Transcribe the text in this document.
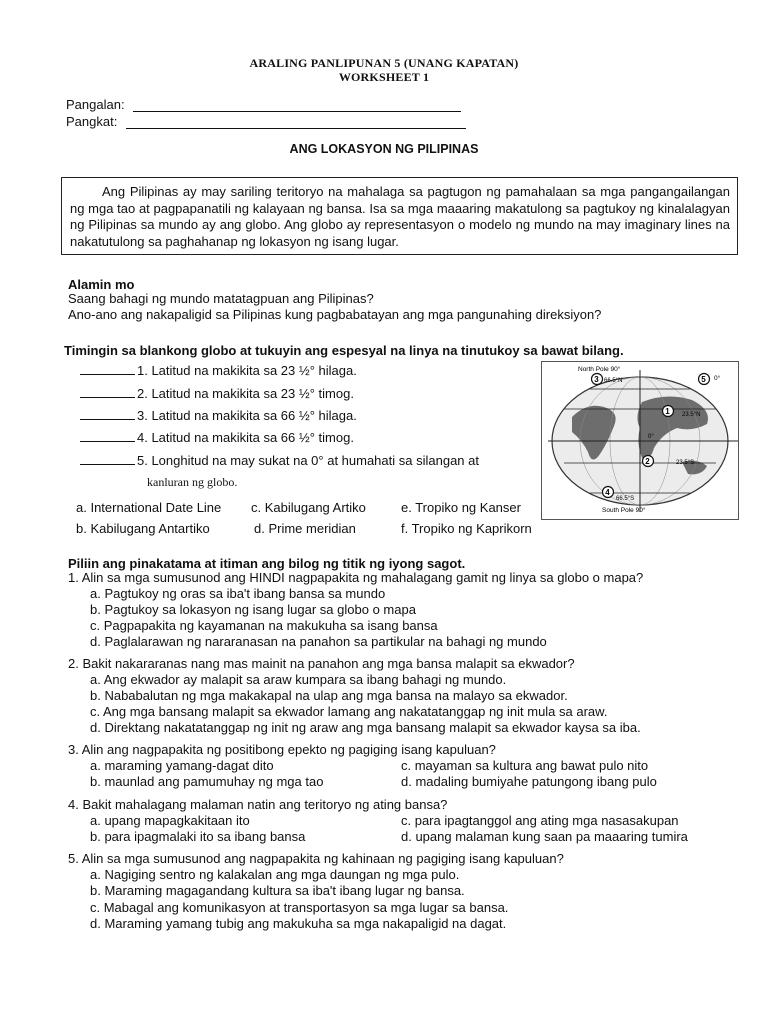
ARALING PANLIPUNAN 5 (UNANG KAPATAN)
WORKSHEET 1
Pangalan:
Pangkat:
ANG LOKASYON NG PILIPINAS

Ang Pilipinas ay may sariling teritoryo na mahalaga sa pagtugon ng pamahalaan sa mga pangangailangan ng mga tao at pagpapanatili ng kalayaan ng bansa. Isa sa mga maaaring makatulong sa pagtukoy ng kinalalagyan ng Pilipinas sa mundo ay ang globo. Ang globo ay representasyon o modelo ng mundo na may imaginary lines na nakatutulong sa paghahanap ng lokasyon ng isang lugar.

Alamin mo
Saang bahagi ng mundo matatagpuan ang Pilipinas?
Ano-ano ang nakapaligid sa Pilipinas kung pagbabatayan ang mga pangunahing direksiyon?
Timingin sa blankong globo at tukuyin ang espesyal na linya na tinutukoy sa bawat bilang.
1. Latitud na makikita sa 23 ½° hilaga.
2. Latitud na makikita sa 23 ½° timog.
3. Latitud na makikita sa 66 ½° hilaga.
4. Latitud na makikita sa 66 ½° timog.
5. Longhitud na may sukat na 0° at humahati sa silangan at
kanluran ng globo.
a. International Date Line c. Kabilugang Artiko	e. Tropiko ng Kanser
b. Kabilugang Antartiko	d. Prime meridian	f. Tropiko ng Kaprikorn
North Pole 90°
South Pole 90°
66.5°N
23.5°N
0°
23.5°S
66.5°S
0°
3	5
1
2
4
Piliin ang pinakatama at itiman ang bilog ng titik ng iyong sagot.
1. Alin sa mga sumusunod ang HINDI nagpapakita ng mahalagang gamit ng linya sa globo o mapa?
a. Pagtukoy ng oras sa iba't ibang bansa sa mundo
b. Pagtukoy sa lokasyon ng isang lugar sa globo o mapa
c. Pagpapakita ng kayamanan na makukuha sa isang bansa
d. Paglalarawan ng nararanasan na panahon sa partikular na bahagi ng mundo
2. Bakit nakararanas nang mas mainit na panahon ang mga bansa malapit sa ekwador?
a. Ang ekwador ay malapit sa araw kumpara sa ibang bahagi ng mundo.
b. Nababalutan ng mga makakapal na ulap ang mga bansa na malayo sa ekwador.
c. Ang mga bansang malapit sa ekwador lamang ang nakatatanggap ng init mula sa araw.
d. Direktang nakatatanggap ng init ng araw ang mga bansang malapit sa ekwador kaysa sa iba.
3. Alin ang nagpapakita ng positibong epekto ng pagiging isang kapuluan?
a. maraming yamang-dagat dito	c. mayaman sa kultura ang bawat pulo nito
b. maunlad ang pamumuhay ng mga tao	d. madaling bumiyahe patungong ibang pulo
4. Bakit mahalagang malaman natin ang teritoryo ng ating bansa?
a. upang mapagkakitaan ito	c. para ipagtanggol ang ating mga nasasakupan
b. para ipagmalaki ito sa ibang bansa	d. upang malaman kung saan pa maaaring tumira
5. Alin sa mga sumusunod ang nagpapakita ng kahinaan ng pagiging isang kapuluan?
a. Nagiging sentro ng kalakalan ang mga daungan ng mga pulo.
b. Maraming magagandang kultura sa iba't ibang lugar ng bansa.
c. Mabagal ang komunikasyon at transportasyon sa mga lugar sa bansa.
d. Maraming yamang tubig ang makukuha sa mga nakapaligid na dagat.
